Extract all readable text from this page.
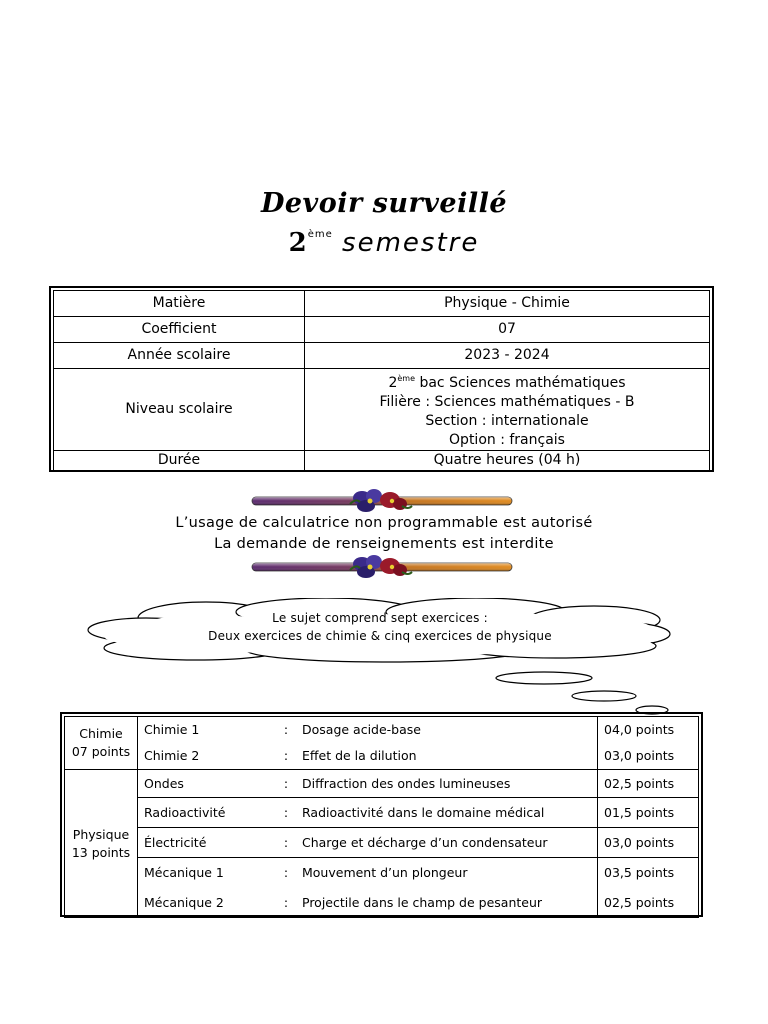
Devoir surveillé
2ème semestre
Matière	Physique - Chimie
Coefficient	07
Année scolaire	2023 - 2024
Niveau scolaire	2ème bac Sciences mathématiques
Filière : Sciences mathématiques - B
Section : internationale
Option : français

Durée	Quatre heures (04 h)
L’usage de calculatrice non programmable est autorisé
La demande de renseignements est interdite
Le sujet comprend sept exercices :
Deux exercices de chimie & cinq exercices de physique
Chimie
07 points	Chimie 1	:	Dosage acide-base	04,0 points
	Chimie 2	:	Effet de la dilution	03,0 points

Physique
13 points	Ondes	:	Diffraction des ondes lumineuses	02,5 points
	Radioactivité	:	Radioactivité dans le domaine médical	01,5 points
	Électricité	:	Charge et décharge d’un condensateur	03,0 points
	Mécanique 1	:	Mouvement d’un plongeur	03,5 points
	Mécanique 2	:	Projectile dans le champ de pesanteur	02,5 points
